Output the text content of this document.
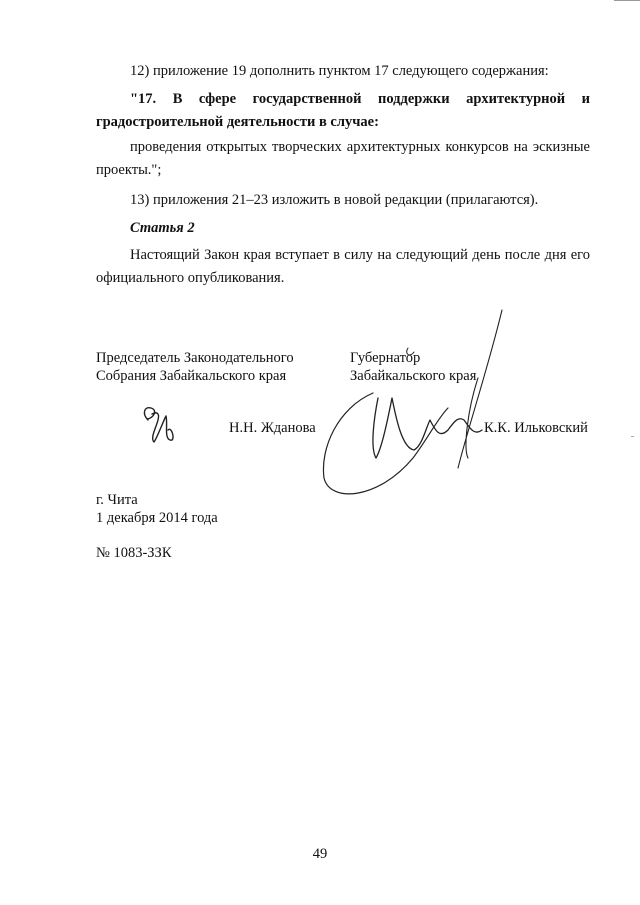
12) приложение 19 дополнить пунктом 17 следующего содержания:

"17. В сфере государственной поддержки архитектурной и градостроительной деятельности в случае:

проведения открытых творческих архитектурных конкурсов на эскизные проекты.";

13) приложения 21–23 изложить в новой редакции (прилагаются).

Статья 2

Настоящий Закон края вступает в силу на следующий день после дня его официального опубликования.

Председатель Законодательного
Собрания Забайкальского края
Губернатор
Забайкальского края
Н.Н. Жданова	К.К. Ильковский
г. Чита
1 декабря 2014 года
№ 1083-ЗЗК
49
